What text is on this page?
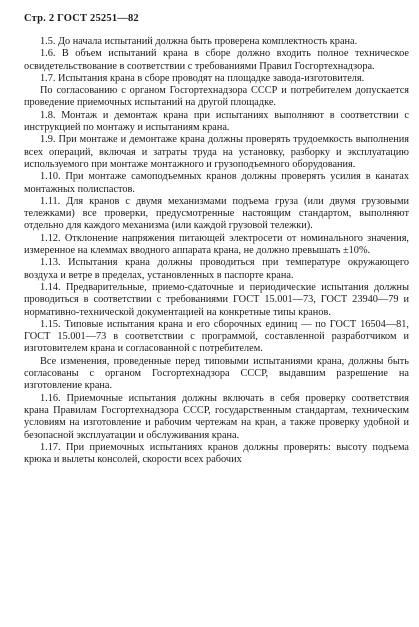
Стр. 2 ГОСТ 25251—82

1.5. До начала испытаний должна быть проверена комплектность крана.

1.6. В объем испытаний крана в сборе должно входить полное техническое освидетельствование в соответствии с требованиями Правил Госгортехнадзора.

1.7. Испытания крана в сборе проводят на площадке завода-изготовителя.

По согласованию с органом Госгортехнадзора СССР и потребителем допускается проведение приемочных испытаний на другой площадке.

1.8. Монтаж и демонтаж крана при испытаниях выполняют в соответствии с инструкцией по монтажу и испытаниям крана.

1.9. При монтаже и демонтаже крана должны проверять трудоемкость выполнения всех операций, включая и затраты труда на установку, разборку и эксплуатацию используемого при монтаже монтажного и грузоподъемного оборудования.

1.10. При монтаже самоподъемных кранов должны проверять усилия в канатах монтажных полиспастов.

1.11. Для кранов с двумя механизмами подъема груза (или двумя грузовыми тележками) все проверки, предусмотренные настоящим стандартом, выполняют отдельно для каждого механизма (или каждой грузовой тележки).

1.12. Отклонение напряжения питающей электросети от номинального значения, измеренное на клеммах вводного аппарата крана, не должно превышать ±10%.

1.13. Испытания крана должны проводиться при температуре окружающего воздуха и ветре в пределах, установленных в паспорте крана.

1.14. Предварительные, приемо-сдаточные и периодические испытания должны проводиться в соответствии с требованиями ГОСТ 15.001—73, ГОСТ 23940—79 и нормативно-технической документацией на конкретные типы кранов.

1.15. Типовые испытания крана и его сборочных единиц — по ГОСТ 16504—81, ГОСТ 15.001—73 в соответствии с программой, составленной разработчиком и изготовителем крана и согласованной с потребителем.

Все изменения, проведенные перед типовыми испытаниями крана, должны быть согласованы с органом Госгортехнадзора СССР, выдавшим разрешение на изготовление крана.

1.16. Приемочные испытания должны включать в себя проверку соответствия крана Правилам Госгортехнадзора СССР, государственным стандартам, техническим условиям на изготовление и рабочим чертежам на кран, а также проверку удобной и безопасной эксплуатации и обслуживания крана.

1.17. При приемочных испытаниях кранов должны проверять: высоту подъема крюка и вылеты консолей, скорости всех рабочих
